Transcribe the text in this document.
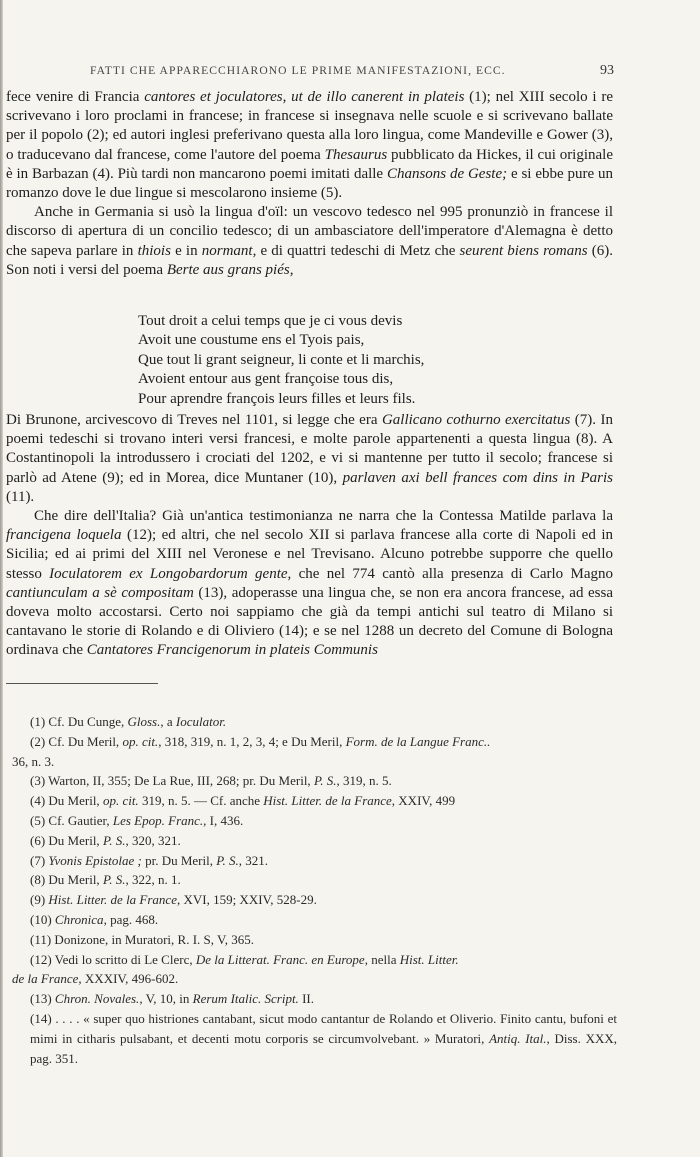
FATTI CHE APPARECCHIARONO LE PRIME MANIFESTAZIONI, ECC.	93

fece venire di Francia cantores et joculatores, ut de illo canerent in plateis (1); nel XIII secolo i re scrivevano i loro proclami in francese; in francese si insegnava nelle scuole e si scrivevano ballate per il popolo (2); ed autori inglesi preferivano questa alla loro lingua, come Mandeville e Gower (3), o traducevano dal francese, come l'autore del poema Thesaurus pubblicato da Hickes, il cui originale è in Barbazan (4). Più tardi non mancarono poemi imitati dalle Chansons de Geste; e si ebbe pure un romanzo dove le due lingue si mescolarono insieme (5).

Anche in Germania si usò la lingua d'oïl: un vescovo tedesco nel 995 pronunziò in francese il discorso di apertura di un concilio tedesco; di un ambasciatore dell'imperatore d'Alemagna è detto che sapeva parlare in thiois e in normant, e di quattri tedeschi di Metz che seurent biens romans (6). Son noti i versi del poema Berte aus grans piés,

Tout droit a celui temps que je ci vous devis
Avoit une coustume ens el Tyois pais,
Que tout li grant seigneur, li conte et li marchis,
Avoient entour aus gent françoise tous dis,
Pour aprendre françois leurs filles et leurs fils.

Di Brunone, arcivescovo di Treves nel 1101, si legge che era Gallicano cothurno exercitatus (7). In poemi tedeschi si trovano interi versi francesi, e molte parole appartenenti a questa lingua (8). A Costantinopoli la introdussero i crociati del 1202, e vi si mantenne per tutto il secolo; francese si parlò ad Atene (9); ed in Morea, dice Muntaner (10), parlaven axi bell frances com dins in Paris (11).

Che dire dell'Italia? Già un'antica testimonianza ne narra che la Contessa Matilde parlava la francigena loquela (12); ed altri, che nel secolo XII si parlava francese alla corte di Napoli ed in Sicilia; ed ai primi del XIII nel Veronese e nel Trevisano. Alcuno potrebbe supporre che quello stesso Ioculatorem ex Longobardorum gente, che nel 774 cantò alla presenza di Carlo Magno cantiunculam a sè compositam (13), adoperasse una lingua che, se non era ancora francese, ad essa doveva molto accostarsi. Certo noi sappiamo che già da tempi antichi sul teatro di Milano si cantavano le storie di Rolando e di Oliviero (14); e se nel 1288 un decreto del Comune di Bologna ordinava che Cantatores Francigenorum in plateis Communis

(1) Cf. Du Cunge, Gloss., a Ioculator.
(2) Cf. Du Meril, op. cit., 318, 319, n. 1, 2, 3, 4; e Du Meril, Form. de la Langue Franc..
36, n. 3.
(3) Warton, II, 355; De La Rue, III, 268; pr. Du Meril, P. S., 319, n. 5.
(4) Du Meril, op. cit. 319, n. 5. — Cf. anche Hist. Litter. de la France, XXIV, 499
(5) Cf. Gautier, Les Epop. Franc., I, 436.
(6) Du Meril, P. S., 320, 321.
(7) Yvonis Epistolae ; pr. Du Meril, P. S., 321.
(8) Du Meril, P. S., 322, n. 1.
(9) Hist. Litter. de la France, XVI, 159; XXIV, 528-29.
(10) Chronica, pag. 468.
(11) Donizone, in Muratori, R. I. S, V, 365.
(12) Vedi lo scritto di Le Clerc, De la Litterat. Franc. en Europe, nella Hist. Litter.
de la France, XXXIV, 496-602.
(13) Chron. Novales., V, 10, in Rerum Italic. Script. II.
(14) . . . . « super quo histriones cantabant, sicut modo cantantur de Rolando et Oliverio. Finito cantu, bufoni et mimi in citharis pulsabant, et decenti motu corporis se circumvolvebant. » Muratori, Antiq. Ital., Diss. XXX, pag. 351.
